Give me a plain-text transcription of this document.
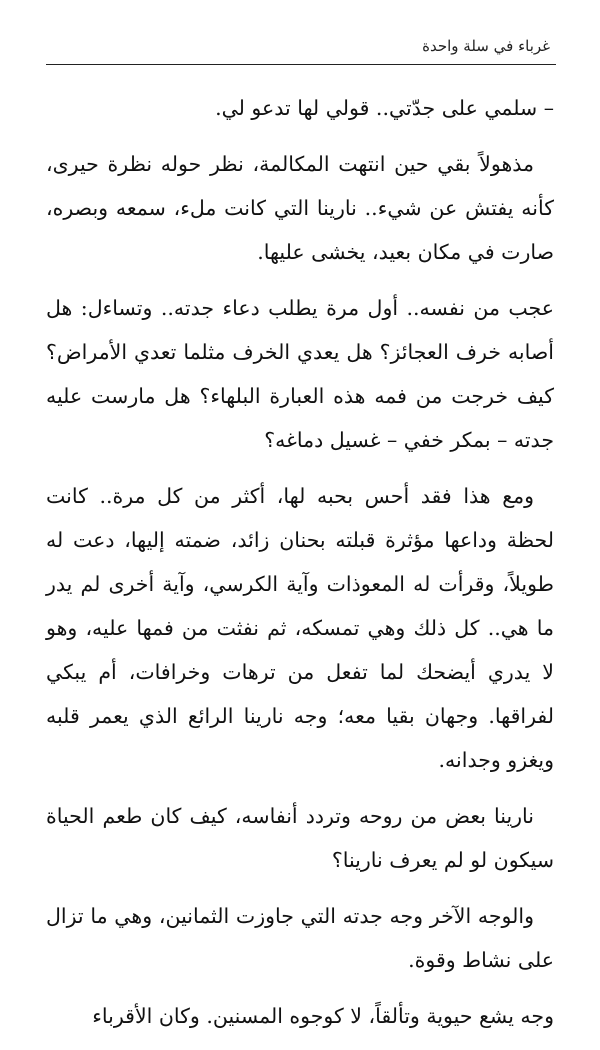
غرباء في سلة واحدة

– سلمي على جدّتي.. قولي لها تدعو لي.

مذهولاً بقي حين انتهت المكالمة، نظر حوله نظرة حيرى، كأنه يفتش عن شيء.. نارينا التي كانت ملء، سمعه وبصره، صارت في مكان بعيد، يخشى عليها.

عجب من نفسه.. أول مرة يطلب دعاء جدته.. وتساءل: هل أصابه خرف العجائز؟ هل يعدي الخرف مثلما تعدي الأمراض؟ كيف خرجت من فمه هذه العبارة البلهاء؟ هل مارست عليه جدته – بمكر خفي – غسيل دماغه؟

ومع هذا فقد أحس بحبه لها، أكثر من كل مرة.. كانت لحظة وداعها مؤثرة قبلته بحنان زائد، ضمته إليها، دعت له طويلاً، وقرأت له المعوذات وآية الكرسي، وآية أخرى لم يدر ما هي.. كل ذلك وهي تمسكه، ثم نفثت من فمها عليه، وهو لا يدري أيضحك لما تفعل من ترهات وخرافات، أم يبكي لفراقها. وجهان بقيا معه؛ وجه نارينا الرائع الذي يعمر قلبه ويغزو وجدانه.

نارينا بعض من روحه وتردد أنفاسه، كيف كان طعم الحياة سيكون لو لم يعرف نارينا؟

والوجه الآخر وجه جدته التي جاوزت الثمانين، وهي ما تزال على نشاط وقوة.

وجه يشع حيوية وتألقاً، لا كوجوه المسنين. وكان الأقرباء
